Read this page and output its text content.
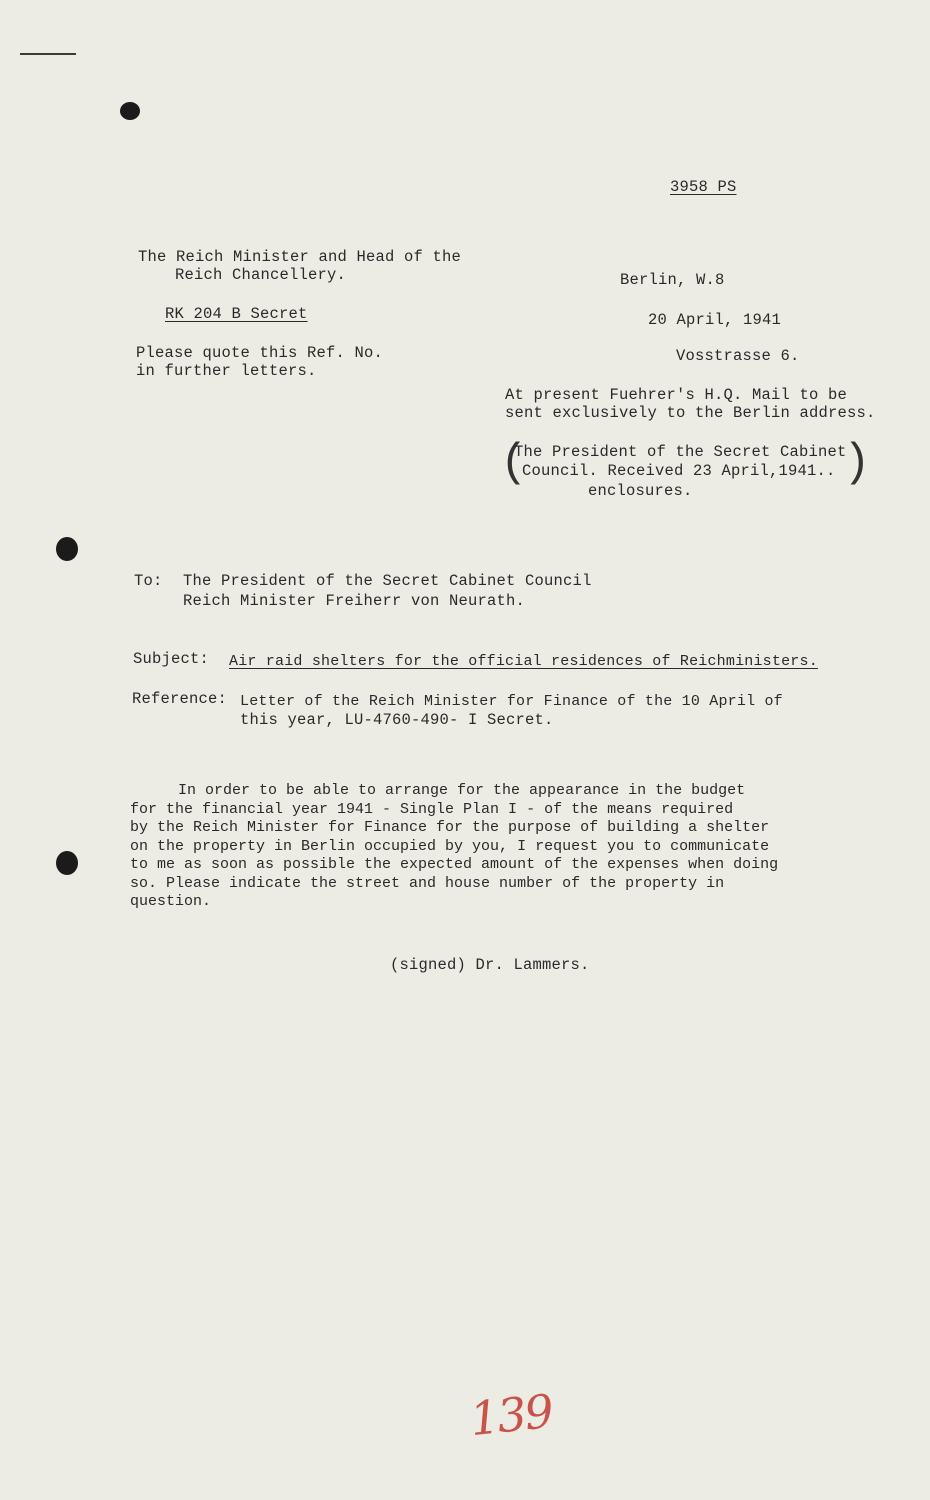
3958 PS
The Reich Minister and Head of the
Reich Chancellery.	Berlin, W.8
RK 204 B Secret	20 April, 1941
Please quote this Ref. No.
in further letters.
Vosstrasse 6.
At present Fuehrer's H.Q. Mail to be
sent exclusively to the Berlin address.
(
The President of the Secret Cabinet
Council. Received 23 April,1941..
enclosures.
)
To: The President of the Secret Cabinet Council
Reich Minister Freiherr von Neurath.
Subject: Air raid shelters for the official residences of Reichministers.
Reference: Letter of the Reich Minister for Finance of the 10 April of
this year, LU-4760-490- I Secret.
In order to be able to arrange for the appearance in the budget
for the financial year 1941 - Single Plan I - of the means required
by the Reich Minister for Finance for the purpose of building a shelter
on the property in Berlin occupied by you, I request you to communicate
to me as soon as possible the expected amount of the expenses when doing
so. Please indicate the street and house number of the property in
question.
(signed) Dr. Lammers.
139
